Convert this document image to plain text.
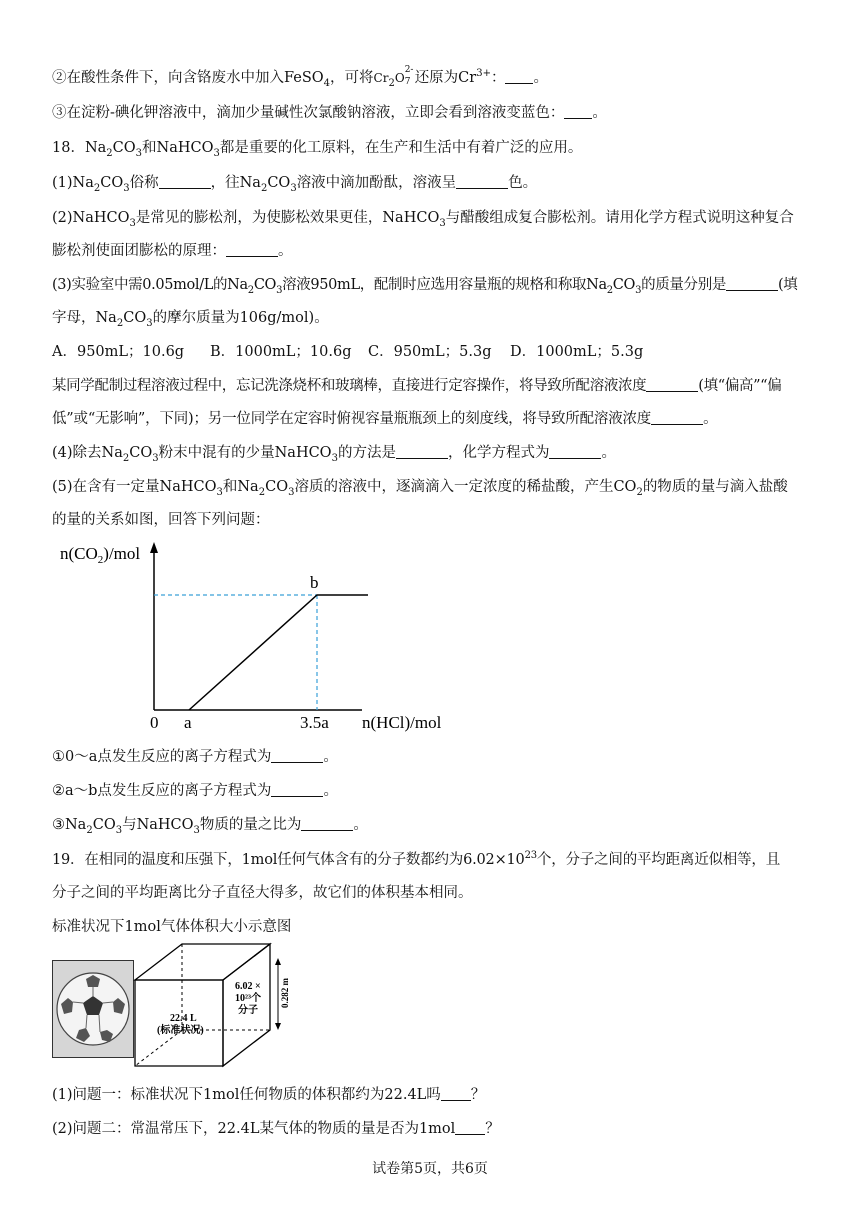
②在酸性条件下，向含铬废水中加入FeSO$_4$，可将$Cr_2O$
2-
7 还原为$Cr^{3+}$： 。
③在淀粉-碘化钾溶液中，滴加少量碱性次氯酸钠溶液，立即会看到溶液变蓝色： 。
18．$Na_2CO_3$和NaHCO$_3$都是重要的化工原料，在生产和生活中有着广泛的应用。
$(1)Na_2CO_3$俗称	，往$Na_2CO_3$溶液中滴加酚酞，溶液呈	色。
(2)NaHCO$_3$是常见的膨松剂，为使膨松效果更佳，NaHCO$_3$与醋酸组成复合膨松剂。请用化学方程式说明这种复合
膨松剂使面团膨松的原理：	。
(3)实验室中需0.05mol/L的$Na_2CO_3$溶液950mL，配制时应选用容量瓶的规格和称取$Na_2CO_3$的质量分别是	(填
字母，$Na_2CO_3$的摩尔质量为106g/mol)。
A．950mL；10.6g B．1000mL；10.6g C．950mL；5.3g D．1000mL；5.3g
某同学配制过程溶液过程中，忘记洗涤烧杯和玻璃棒，直接进行定容操作，将导致所配溶液浓度	(填“偏高”“偏
低”或“无影响”，下同)；另一位同学在定容时俯视容量瓶瓶颈上的刻度线，将导致所配溶液浓度	。
(4)除去$Na_2CO_3$粉末中混有的少量NaHCO$_3$的方法是	，化学方程式为	。
(5)在含有一定量NaHCO$_3$和$Na_2CO_3$溶质的溶液中，逐滴滴入一定浓度的稀盐酸，产生$CO_2$的物质的量与滴入盐酸
的量的关系如图，回答下列问题：
$n(CO_2)$/mol
b
0 a	3.5a n(HCl)/mol
①0～a点发生反应的离子方程式为	。
②a～b点发生反应的离子方程式为	。
$③Na_2CO_3$与NaHCO$_3$物质的量之比为	。
19．在相同的温度和压强下，1mol任何气体含有的分子数都约为$6.02\times 10^{23}$个，分子之间的平均距离近似相等，且
分子之间的平均距离比分子直径大得多，故它们的体积基本相同。
标准状况下1mol气体体积大小示意图
0.282 m
22.4 L
(标准状况)
6.02 ×
10²³个
分子
(1)问题一：标准状况下1mol任何物质的体积都约为22.4L吗 ？
(2)问题二：常温常压下，22.4L某气体的物质的量是否为1mol ？
试卷第5页，共6页
